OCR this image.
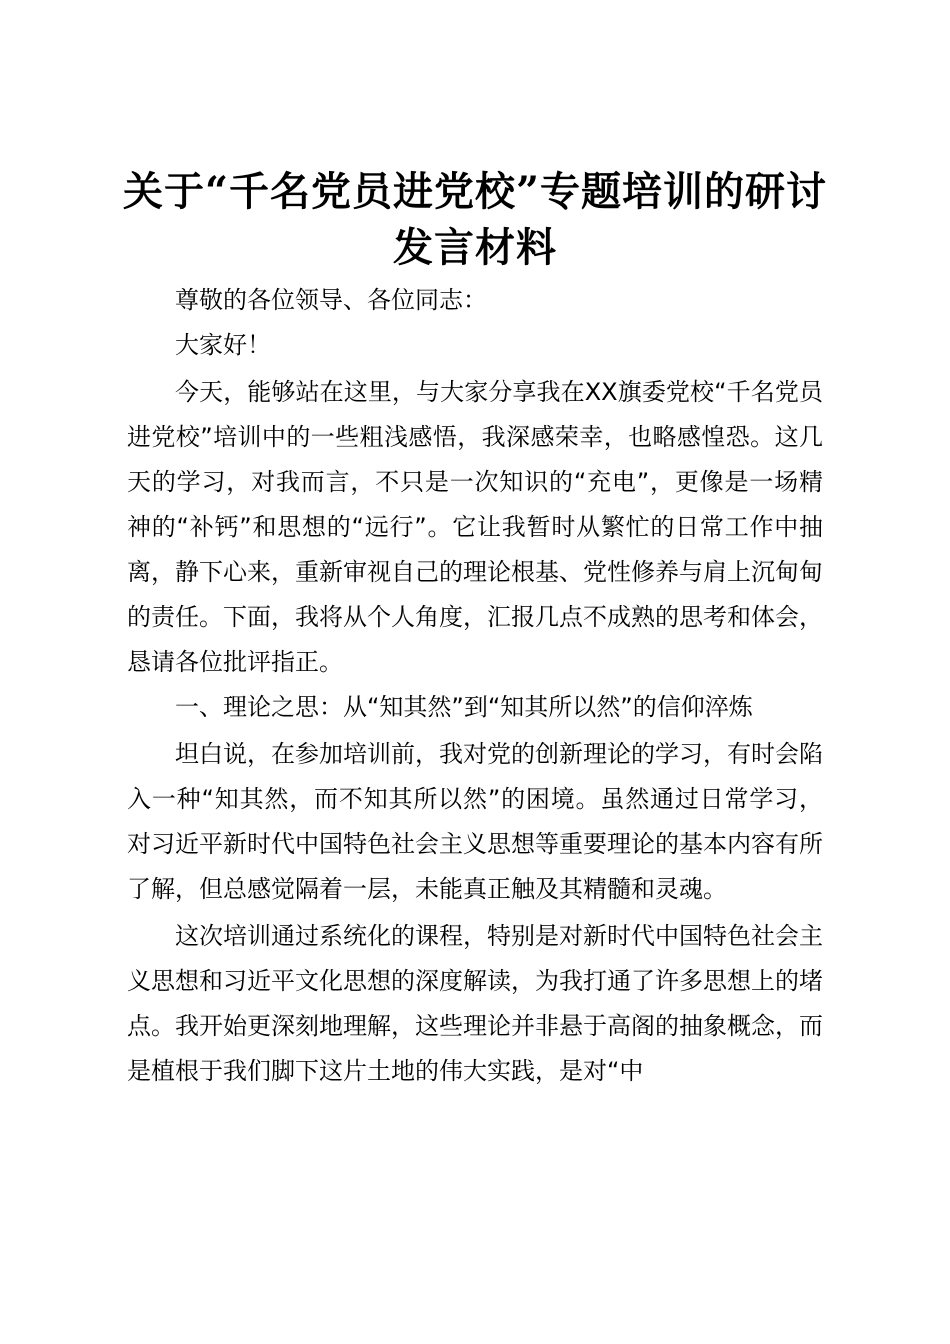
关于“千名党员进党校”专题培训的研讨发言材料

尊敬的各位领导、各位同志：

大家好！

今天，能够站在这里，与大家分享我在XX旗委党校“千名党员进党校”培训中的一些粗浅感悟，我深感荣幸，也略感惶恐。这几天的学习，对我而言，不只是一次知识的“充电”，更像是一场精神的“补钙”和思想的“远行”。它让我暂时从繁忙的日常工作中抽离，静下心来，重新审视自己的理论根基、党性修养与肩上沉甸甸的责任。下面，我将从个人角度，汇报几点不成熟的思考和体会，恳请各位批评指正。

一、理论之思：从“知其然”到“知其所以然”的信仰淬炼

坦白说，在参加培训前，我对党的创新理论的学习，有时会陷入一种“知其然，而不知其所以然”的困境。虽然通过日常学习，对习近平新时代中国特色社会主义思想等重要理论的基本内容有所了解，但总感觉隔着一层，未能真正触及其精髓和灵魂。

这次培训通过系统化的课程，特别是对新时代中国特色社会主义思想和习近平文化思想的深度解读，为我打通了许多思想上的堵点。我开始更深刻地理解，这些理论并非悬于高阁的抽象概念，而是植根于我们脚下这片土地的伟大实践，是对“中
